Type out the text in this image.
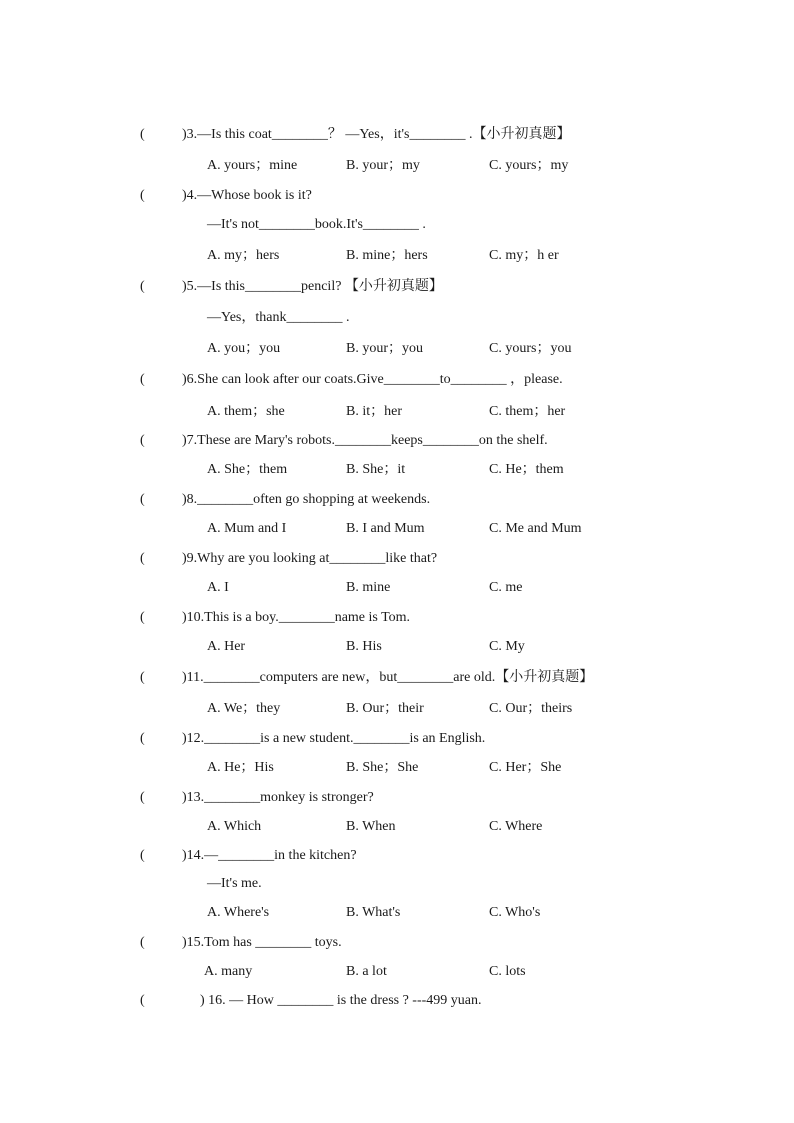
(	)3.—Is this coat________？ —Yes，it's________ .【小升初真题】
A. yours；mine	B. your；my	C. yours；my
(	)4.—Whose book is it?
—It's not________book.It's________ .
A. my；hers	B. mine；hers	C. my；h er
(	)5.—Is this________pencil? 【小升初真题】
—Yes，thank________ .
A. you；you	B. your；you	C. yours；you
(	)6.She can look after our coats.Give________to________ ，please.
A. them；she	B. it；her	C. them；her
(	)7.These are Mary's robots.________keeps________on the shelf.
A. She；them	B. She；it	C. He；them
(	)8.________often go shopping at weekends.
A. Mum and I	B. I and Mum	C. Me and Mum
(	)9.Why are you looking at________like that?
A. I	B. mine	C. me
(	)10.This is a boy.________name is Tom.
A. Her	B. His	C. My
(	)11.________computers are new，but________are old.【小升初真题】
A. We；they	B. Our；their	C. Our；theirs
(	)12.________is a new student.________is an English.
A. He；His	B. She；She	C. Her；She
(	)13.________monkey is stronger?
A. Which	B. When	C. Where
(	)14.—________in the kitchen?
—It's me.
A. Where's	B. What's	C. Who's
(	)15.Tom has ________ toys.
A. many	B. a lot	C. lots
(	) 16. — How ________ is the dress ? ---499 yuan.
